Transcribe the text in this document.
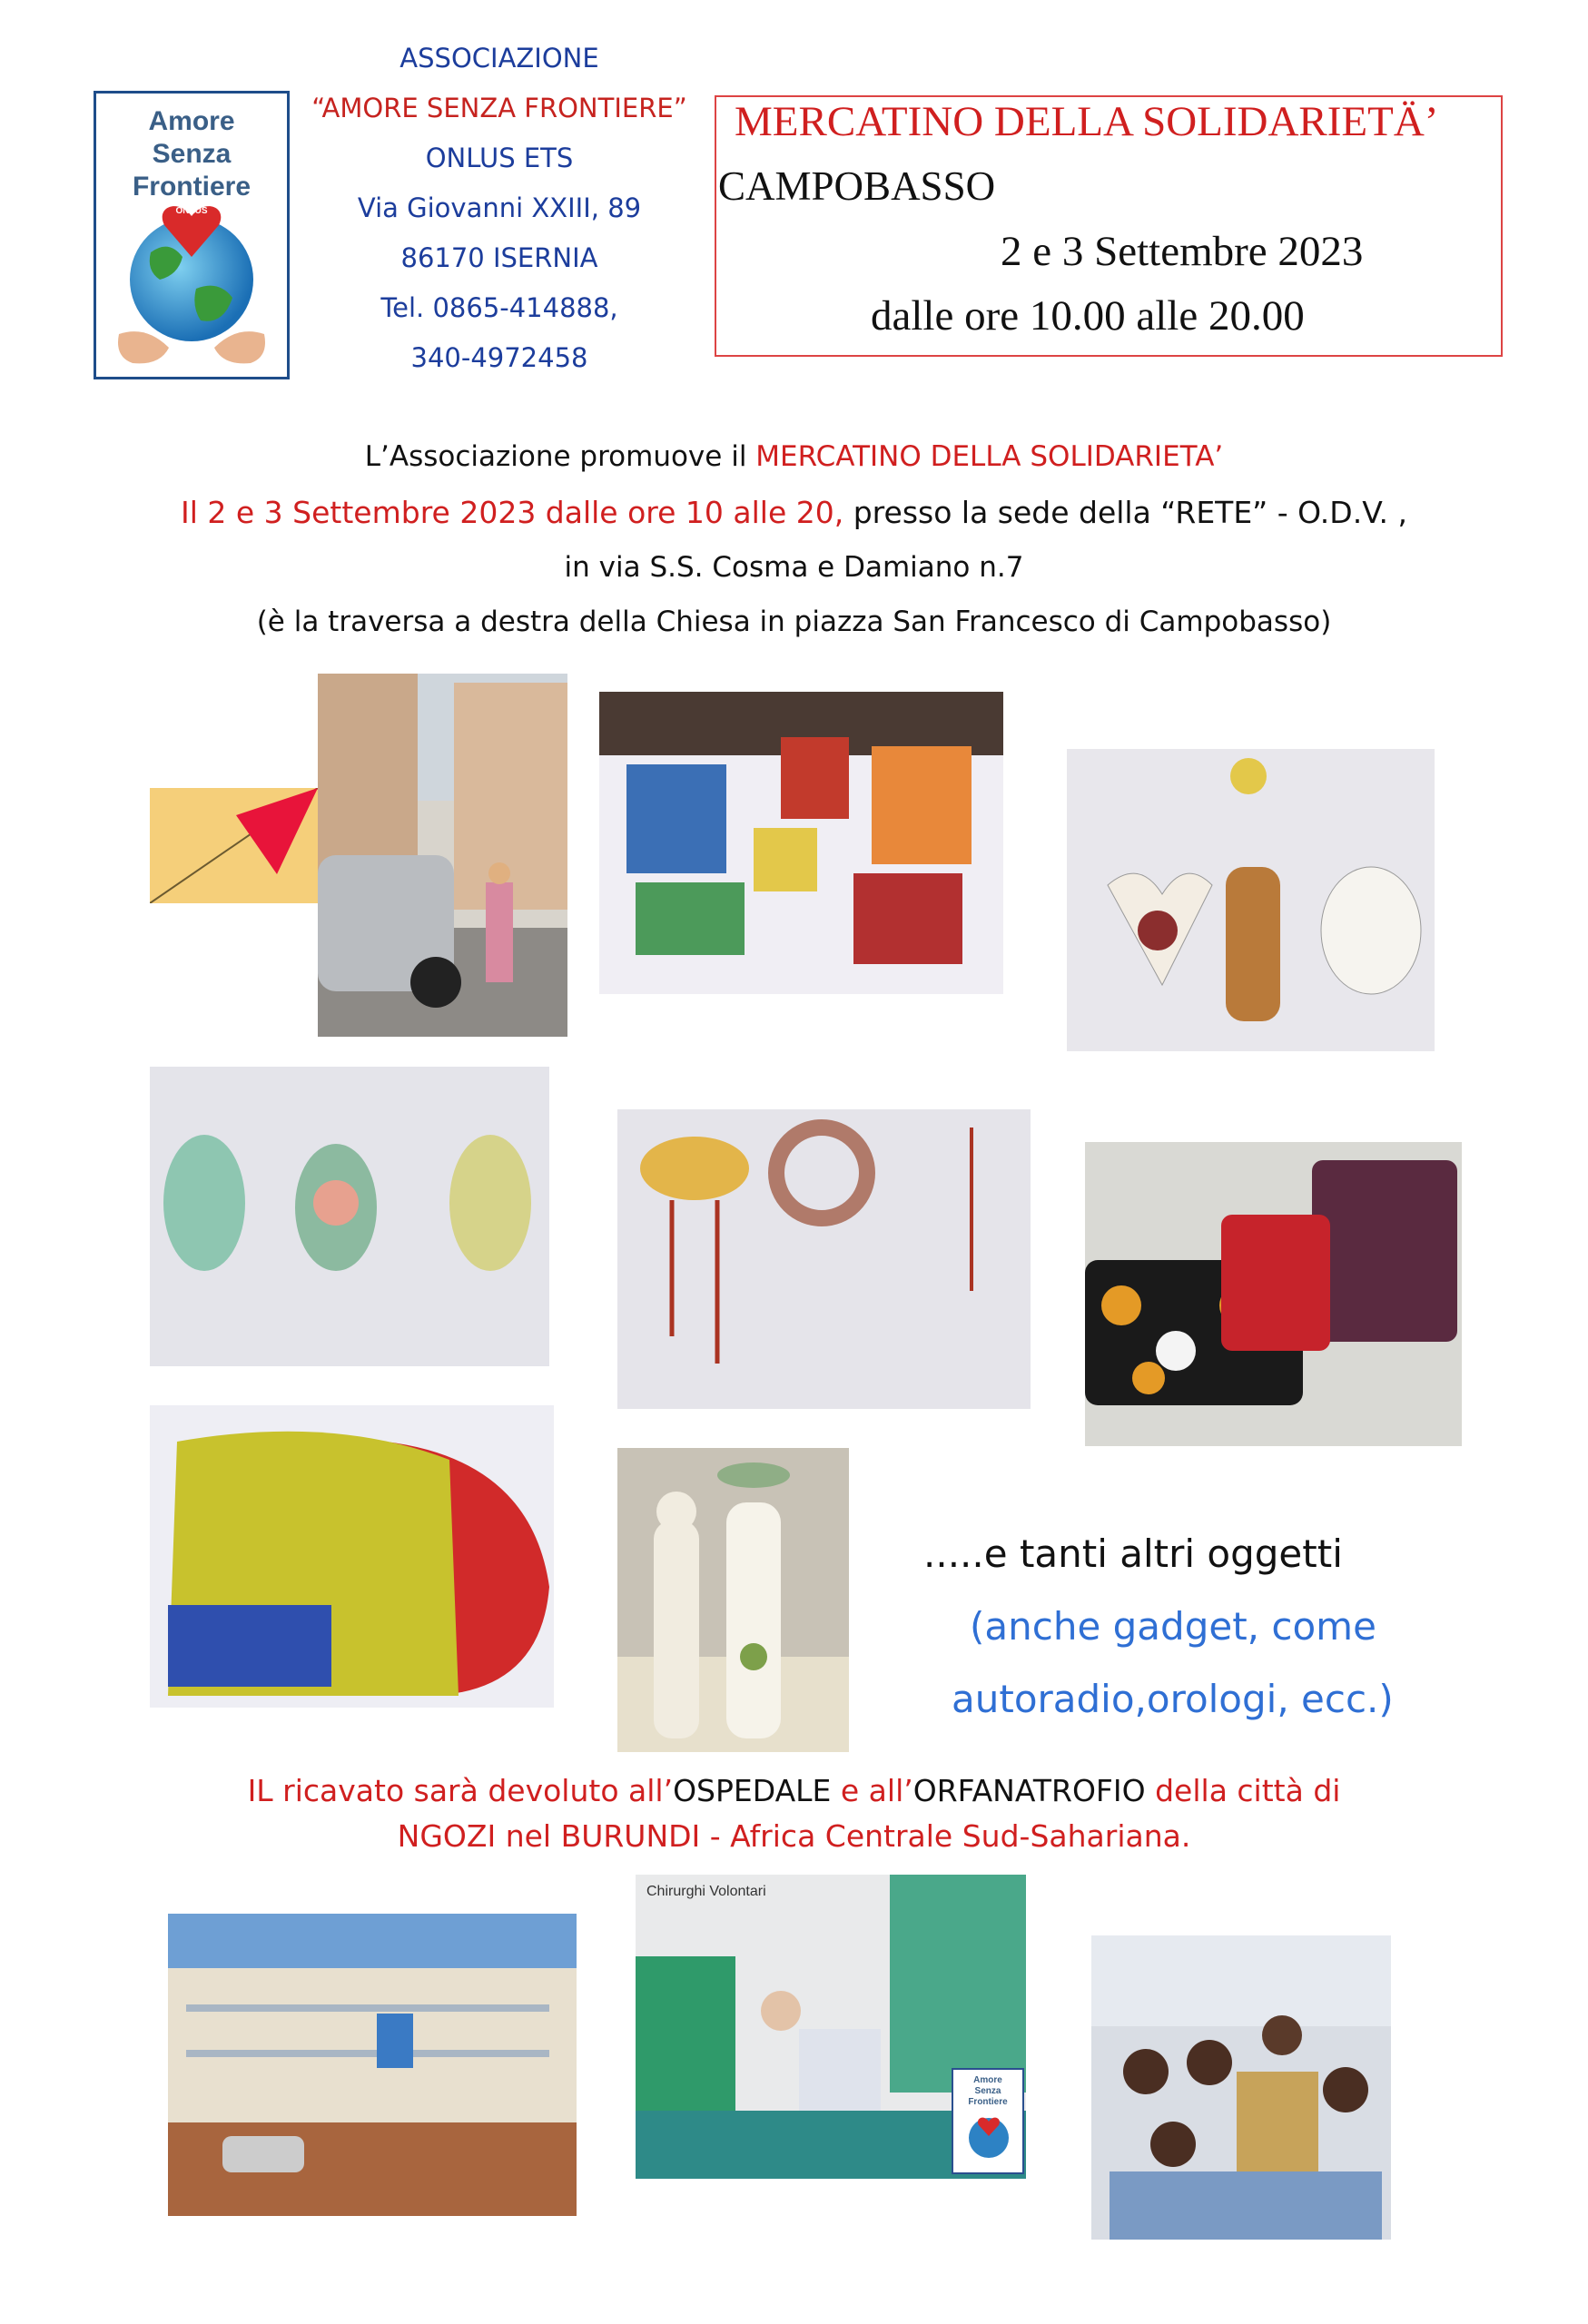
ASSOCIAZIONE
“AMORE SENZA FRONTIERE”
ONLUS ETS
Via Giovanni XXIII, 89
86170 ISERNIA
Tel. 0865-414888,
340-4972458
Amore
Senza
Frontiere
ONLUS
MERCATINO DELLA SOLIDARIETÄ’
CAMPOBASSO
2 e 3 Settembre 2023
dalle ore 10.00 alle 20.00
L’Associazione promuove il MERCATINO DELLA SOLIDARIETA’
Il 2 e 3 Settembre 2023 dalle ore 10 alle 20, presso la sede della “RETE” - O.D.V. ,
in via S.S. Cosma e Damiano n.7
(è la traversa a destra della Chiesa in piazza San Francesco di Campobasso)
.....e tanti altri oggetti
(anche gadget, come
autoradio,orologi, ecc.)
IL ricavato sarà devoluto all’OSPEDALE e all’ORFANATROFIO della città di
NGOZI nel BURUNDI - Africa Centrale Sud-Sahariana.
Chirurghi Volontari
Amore
Senza
Frontiere
